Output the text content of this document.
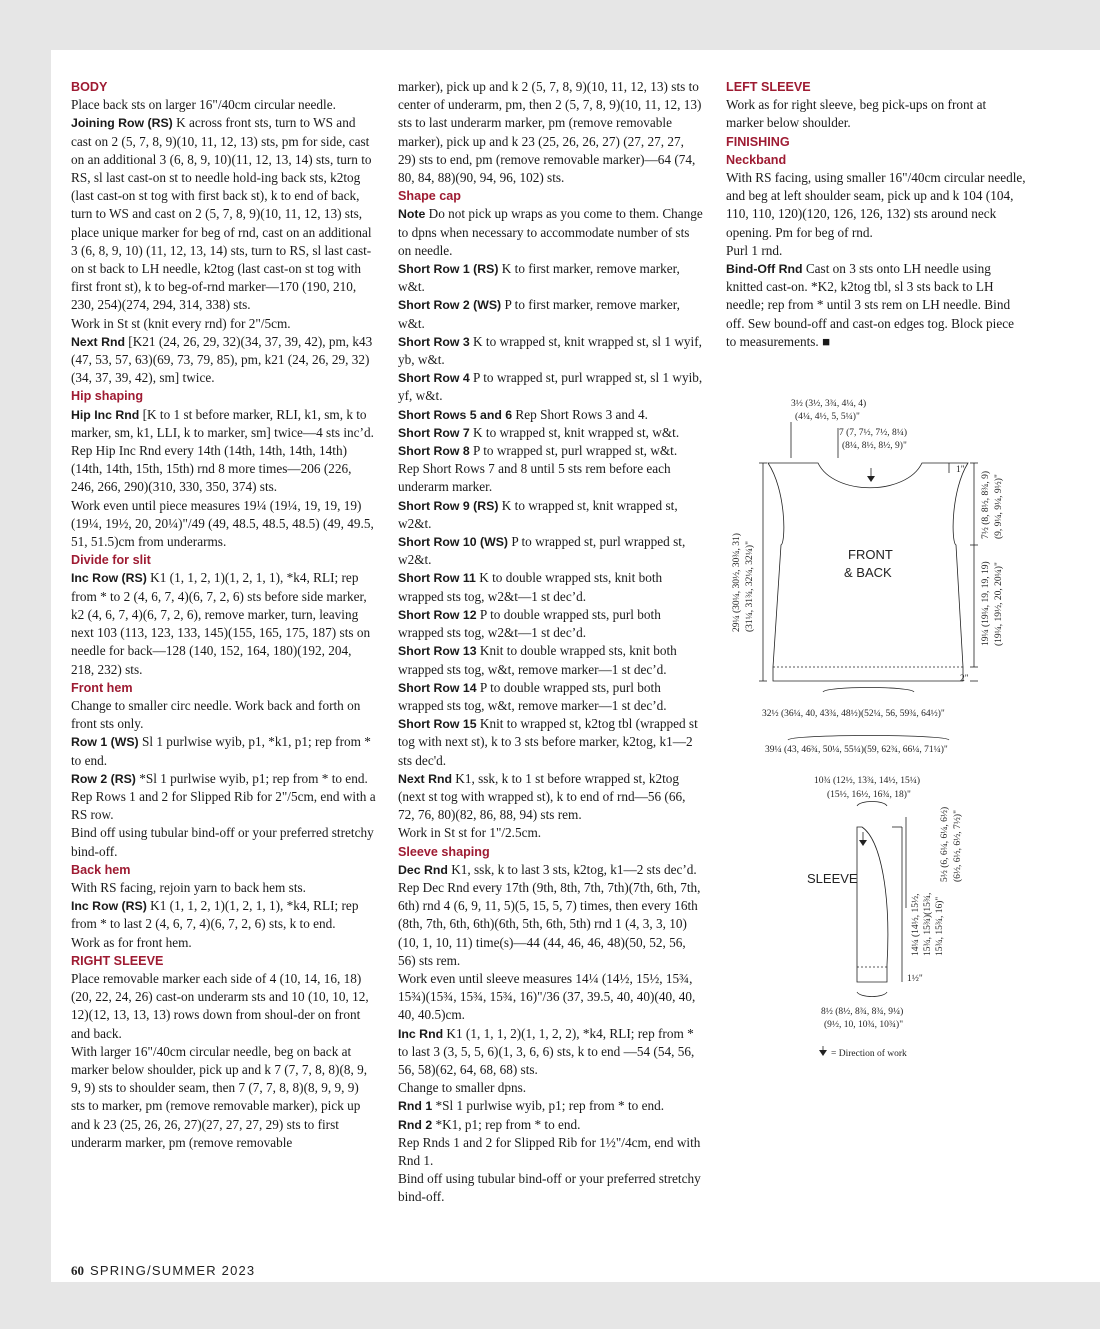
BODY

Place back sts on larger 16"/40cm circular needle.

Joining Row (RS) K across front sts, turn to WS and cast on 2 (5, 7, 8, 9)(10, 11, 12, 13) sts, pm for side, cast on an additional 3 (6, 8, 9, 10)(11, 12, 13, 14) sts, turn to RS, sl last cast-on st to needle hold-ing back sts, k2tog (last cast-on st tog with first back st), k to end of back, turn to WS and cast on 2 (5, 7, 8, 9)(10, 11, 12, 13) sts, place unique marker for beg of rnd, cast on an additional 3 (6, 8, 9, 10) (11, 12, 13, 14) sts, turn to RS, sl last cast-on st back to LH needle, k2tog (last cast-on st tog with first front st), k to beg-of-rnd marker—170 (190, 210, 230, 254)(274, 294, 314, 338) sts.

Work in St st (knit every rnd) for 2"/5cm.

Next Rnd [K21 (24, 26, 29, 32)(34, 37, 39, 42), pm, k43 (47, 53, 57, 63)(69, 73, 79, 85), pm, k21 (24, 26, 29, 32)(34, 37, 39, 42), sm] twice.

Hip shaping

Hip Inc Rnd [K to 1 st before marker, RLI, k1, sm, k to marker, sm, k1, LLI, k to marker, sm] twice—4 sts inc’d.

Rep Hip Inc Rnd every 14th (14th, 14th, 14th, 14th) (14th, 14th, 15th, 15th) rnd 8 more times—206 (226, 246, 266, 290)(310, 330, 350, 374) sts.

Work even until piece measures 19¼ (19¼, 19, 19, 19)(19¼, 19½, 20, 20¼)"/49 (49, 48.5, 48.5, 48.5) (49, 49.5, 51, 51.5)cm from underarms.

Divide for slit

Inc Row (RS) K1 (1, 1, 2, 1)(1, 2, 1, 1), *k4, RLI; rep from * to 2 (4, 6, 7, 4)(6, 7, 2, 6) sts before side marker, k2 (4, 6, 7, 4)(6, 7, 2, 6), remove marker, turn, leaving next 103 (113, 123, 133, 145)(155, 165, 175, 187) sts on needle for back—128 (140, 152, 164, 180)(192, 204, 218, 232) sts.

Front hem

Change to smaller circ needle. Work back and forth on front sts only.

Row 1 (WS) Sl 1 purlwise wyib, p1, *k1, p1; rep from * to end.

Row 2 (RS) *Sl 1 purlwise wyib, p1; rep from * to end.

Rep Rows 1 and 2 for Slipped Rib for 2"/5cm, end with a RS row.

Bind off using tubular bind-off or your preferred stretchy bind-off.

Back hem

With RS facing, rejoin yarn to back hem sts.

Inc Row (RS) K1 (1, 1, 2, 1)(1, 2, 1, 1), *k4, RLI; rep from * to last 2 (4, 6, 7, 4)(6, 7, 2, 6) sts, k to end.

Work as for front hem.

RIGHT SLEEVE

Place removable marker each side of 4 (10, 14, 16, 18)(20, 22, 24, 26) cast-on underarm sts and 10 (10, 10, 12, 12)(12, 13, 13, 13) rows down from shoul-der on front and back.

With larger 16"/40cm circular needle, beg on back at marker below shoulder, pick up and k 7 (7, 7, 8, 8)(8, 9, 9, 9) sts to shoulder seam, then 7 (7, 7, 8, 8)(8, 9, 9, 9) sts to marker, pm (remove removable marker), pick up and k 23 (25, 26, 26, 27)(27, 27, 27, 29) sts to first underarm marker, pm (remove removable

marker), pick up and k 2 (5, 7, 8, 9)(10, 11, 12, 13) sts to center of underarm, pm, then 2 (5, 7, 8, 9)(10, 11, 12, 13) sts to last underarm marker, pm (remove removable marker), pick up and k 23 (25, 26, 26, 27) (27, 27, 27, 29) sts to end, pm (remove removable marker)—64 (74, 80, 84, 88)(90, 94, 96, 102) sts.

Shape cap

Note Do not pick up wraps as you come to them. Change to dpns when necessary to accommodate number of sts on needle.

Short Row 1 (RS) K to first marker, remove marker, w&t.

Short Row 2 (WS) P to first marker, remove marker, w&t.

Short Row 3 K to wrapped st, knit wrapped st, sl 1 wyif, yb, w&t.

Short Row 4 P to wrapped st, purl wrapped st, sl 1 wyib, yf, w&t.

Short Rows 5 and 6 Rep Short Rows 3 and 4.

Short Row 7 K to wrapped st, knit wrapped st, w&t.

Short Row 8 P to wrapped st, purl wrapped st, w&t.

Rep Short Rows 7 and 8 until 5 sts rem before each underarm marker.

Short Row 9 (RS) K to wrapped st, knit wrapped st, w2&t.

Short Row 10 (WS) P to wrapped st, purl wrapped st, w2&t.

Short Row 11 K to double wrapped sts, knit both wrapped sts tog, w2&t—1 st dec’d.

Short Row 12 P to double wrapped sts, purl both wrapped sts tog, w2&t—1 st dec’d.

Short Row 13 Knit to double wrapped sts, knit both wrapped sts tog, w&t, remove marker—1 st dec’d.

Short Row 14 P to double wrapped sts, purl both wrapped sts tog, w&t, remove marker—1 st dec’d.

Short Row 15 Knit to wrapped st, k2tog tbl (wrapped st tog with next st), k to 3 sts before marker, k2tog, k1—2 sts dec'd.

Next Rnd K1, ssk, k to 1 st before wrapped st, k2tog (next st tog with wrapped st), k to end of rnd—56 (66, 72, 76, 80)(82, 86, 88, 94) sts rem.

Work in St st for 1"/2.5cm.

Sleeve shaping

Dec Rnd K1, ssk, k to last 3 sts, k2tog, k1—2 sts dec’d.

Rep Dec Rnd every 17th (9th, 8th, 7th, 7th)(7th, 6th, 7th, 6th) rnd 4 (6, 9, 11, 5)(5, 15, 5, 7) times, then every 16th (8th, 7th, 6th, 6th)(6th, 5th, 6th, 5th) rnd 1 (4, 3, 3, 10)(10, 1, 10, 11) time(s)—44 (44, 46, 46, 48)(50, 52, 56, 56) sts rem.

Work even until sleeve measures 14¼ (14½, 15½, 15¾, 15¾)(15¾, 15¾, 15¾, 16)"/36 (37, 39.5, 40, 40)(40, 40, 40, 40.5)cm.

Inc Rnd K1 (1, 1, 1, 2)(1, 1, 2, 2), *k4, RLI; rep from * to last 3 (3, 5, 5, 6)(1, 3, 6, 6) sts, k to end —54 (54, 56, 56, 58)(62, 64, 68, 68) sts.

Change to smaller dpns.

Rnd 1 *Sl 1 purlwise wyib, p1; rep from * to end.

Rnd 2 *K1, p1; rep from * to end.

Rep Rnds 1 and 2 for Slipped Rib for 1½"/4cm, end with Rnd 1.

Bind off using tubular bind-off or your preferred stretchy bind-off.

LEFT SLEEVE

Work as for right sleeve, beg pick-ups on front at marker below shoulder.

FINISHING

Neckband

With RS facing, using smaller 16"/40cm circular needle, and beg at left shoulder seam, pick up and k 104 (104, 110, 110, 120)(120, 126, 126, 132) sts around neck opening. Pm for beg of rnd.

Purl 1 rnd.

Bind-Off Rnd Cast on 3 sts onto LH needle using knitted cast-on. *K2, k2tog tbl, sl 3 sts back to LH needle; rep from * until 3 sts rem on LH needle. Bind off. Sew bound-off and cast-on edges tog. Block piece to measurements. ■

3½ (3½, 3¾, 4¼, 4)
(4¼, 4½, 5, 5¼)"
7 (7, 7½, 7½, 8¼)
(8¼, 8½, 8½, 9)"
1"
FRONT
& BACK
2"
29¼ (30¼, 30½, 30¾, 31) (31¼, 31¾, 32¼, 32¼)"
7½ (8, 8½, 8¾, 9) (9, 9¼, 9¼, 9½)"
19¼ (19¼, 19, 19, 19) (19¼, 19½, 20, 20¼)"
32½ (36¼, 40, 43¾, 48½)(52¼, 56, 59¾, 64½)"
39¼ (43, 46¾, 50¼, 55¼)(59, 62¾, 66¼, 71¼)"
10¾ (12½, 13¾, 14½, 15¼)
(15½, 16½, 16¾, 18)"
SLEEVE	5½ (6, 6¼, 6¼, 6½) (6½, 6½, 6½, 7½)"
14¼ (14½, 15½, 15¾, 15¾)(15¾, 15¾, 15¾, 16)"
1½"
8½ (8½, 8¾, 8¾, 9¼)
(9½, 10, 10¾, 10¾)"
= Direction of work
60 SPRING/SUMMER 2023
